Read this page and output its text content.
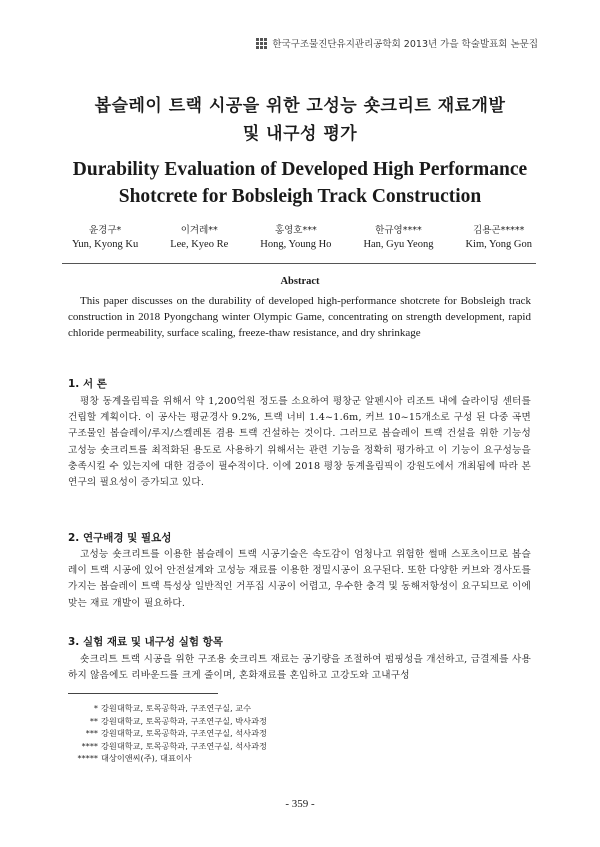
한국구조물진단유지관리공학회 2013년 가을 학술발표회 논문집
봅슬레이 트랙 시공을 위한 고성능 숏크리트 재료개발
및 내구성 평가
Durability Evaluation of Developed High Performance
Shotcrete for Bobsleigh Track Construction
윤경구*
Yun, Kyong Ku
이겨레**
Lee, Kyeo Re
홍영호***
Hong, Young Ho
한규영****
Han, Gyu Yeong
김용곤*****
Kim, Yong Gon
Abstract

This paper discusses on the durability of developed high-performance shotcrete for Bobsleigh track construction in 2018 Pyongchang winter Olympic Game, concentrating on strength development, rapid chloride permeability, surface scaling, freeze-thaw resistance, and dry shrinkage

1. 서 론

평창 동계올림픽을 위해서 약 1,200억원 정도를 소요하여 평창군 알펜시아 리조트 내에 슬라이딩 센터를 건립할 계획이다. 이 공사는 평균경사 9.2%, 트랙 너비 1.4~1.6m, 커브 10~15개소로 구성 된 다중 곡면구조물인 봅슬레이/루지/스켈레톤 겸용 트랙 건설하는 것이다. 그러므로 봅슬레이 트랙 건설을 위한 기능성 고성능 숏크리트를 최적화된 용도로 사용하기 위해서는 관련 기능을 정확히 평가하고 이 기능이 요구성능을 충족시킬 수 있는지에 대한 검증이 필수적이다. 이에 2018 평창 동계올림픽이 강원도에서 개최됨에 따라 본 연구의 필요성이 증가되고 있다.

2. 연구배경 및 필요성

고성능 숏크리트를 이용한 봅슬레이 트랙 시공기술은 속도감이 엄청나고 위험한 썰매 스포츠이므로 봅슬레이 트랙 시공에 있어 안전설계와 고성능 재료를 이용한 정밀시공이 요구된다. 또한 다양한 커브와 경사도를 가지는 봅슬레이 트랙 특성상 일반적인 거푸집 시공이 어렵고, 우수한 충격 및 동해저항성이 요구되므로 이에 맞는 재료 개발이 필요하다.

3. 실험 재료 및 내구성 실험 항목

숏크리트 트랙 시공을 위한 구조용 숏크리트 재료는 공기량을 조절하여 펌핑성을 개선하고, 급결제를 사용하지 않음에도 리바운드를 크게 줄이며, 혼화재료를 혼입하고 고강도와 고내구성

* 강원대학교, 토목공학과, 구조연구실, 교수
** 강원대학교, 토목공학과, 구조연구실, 박사과정
*** 강원대학교, 토목공학과, 구조연구실, 석사과정
**** 강원대학교, 토목공학과, 구조연구실, 석사과정
***** 대상이앤씨(주), 대표이사
- 359 -
